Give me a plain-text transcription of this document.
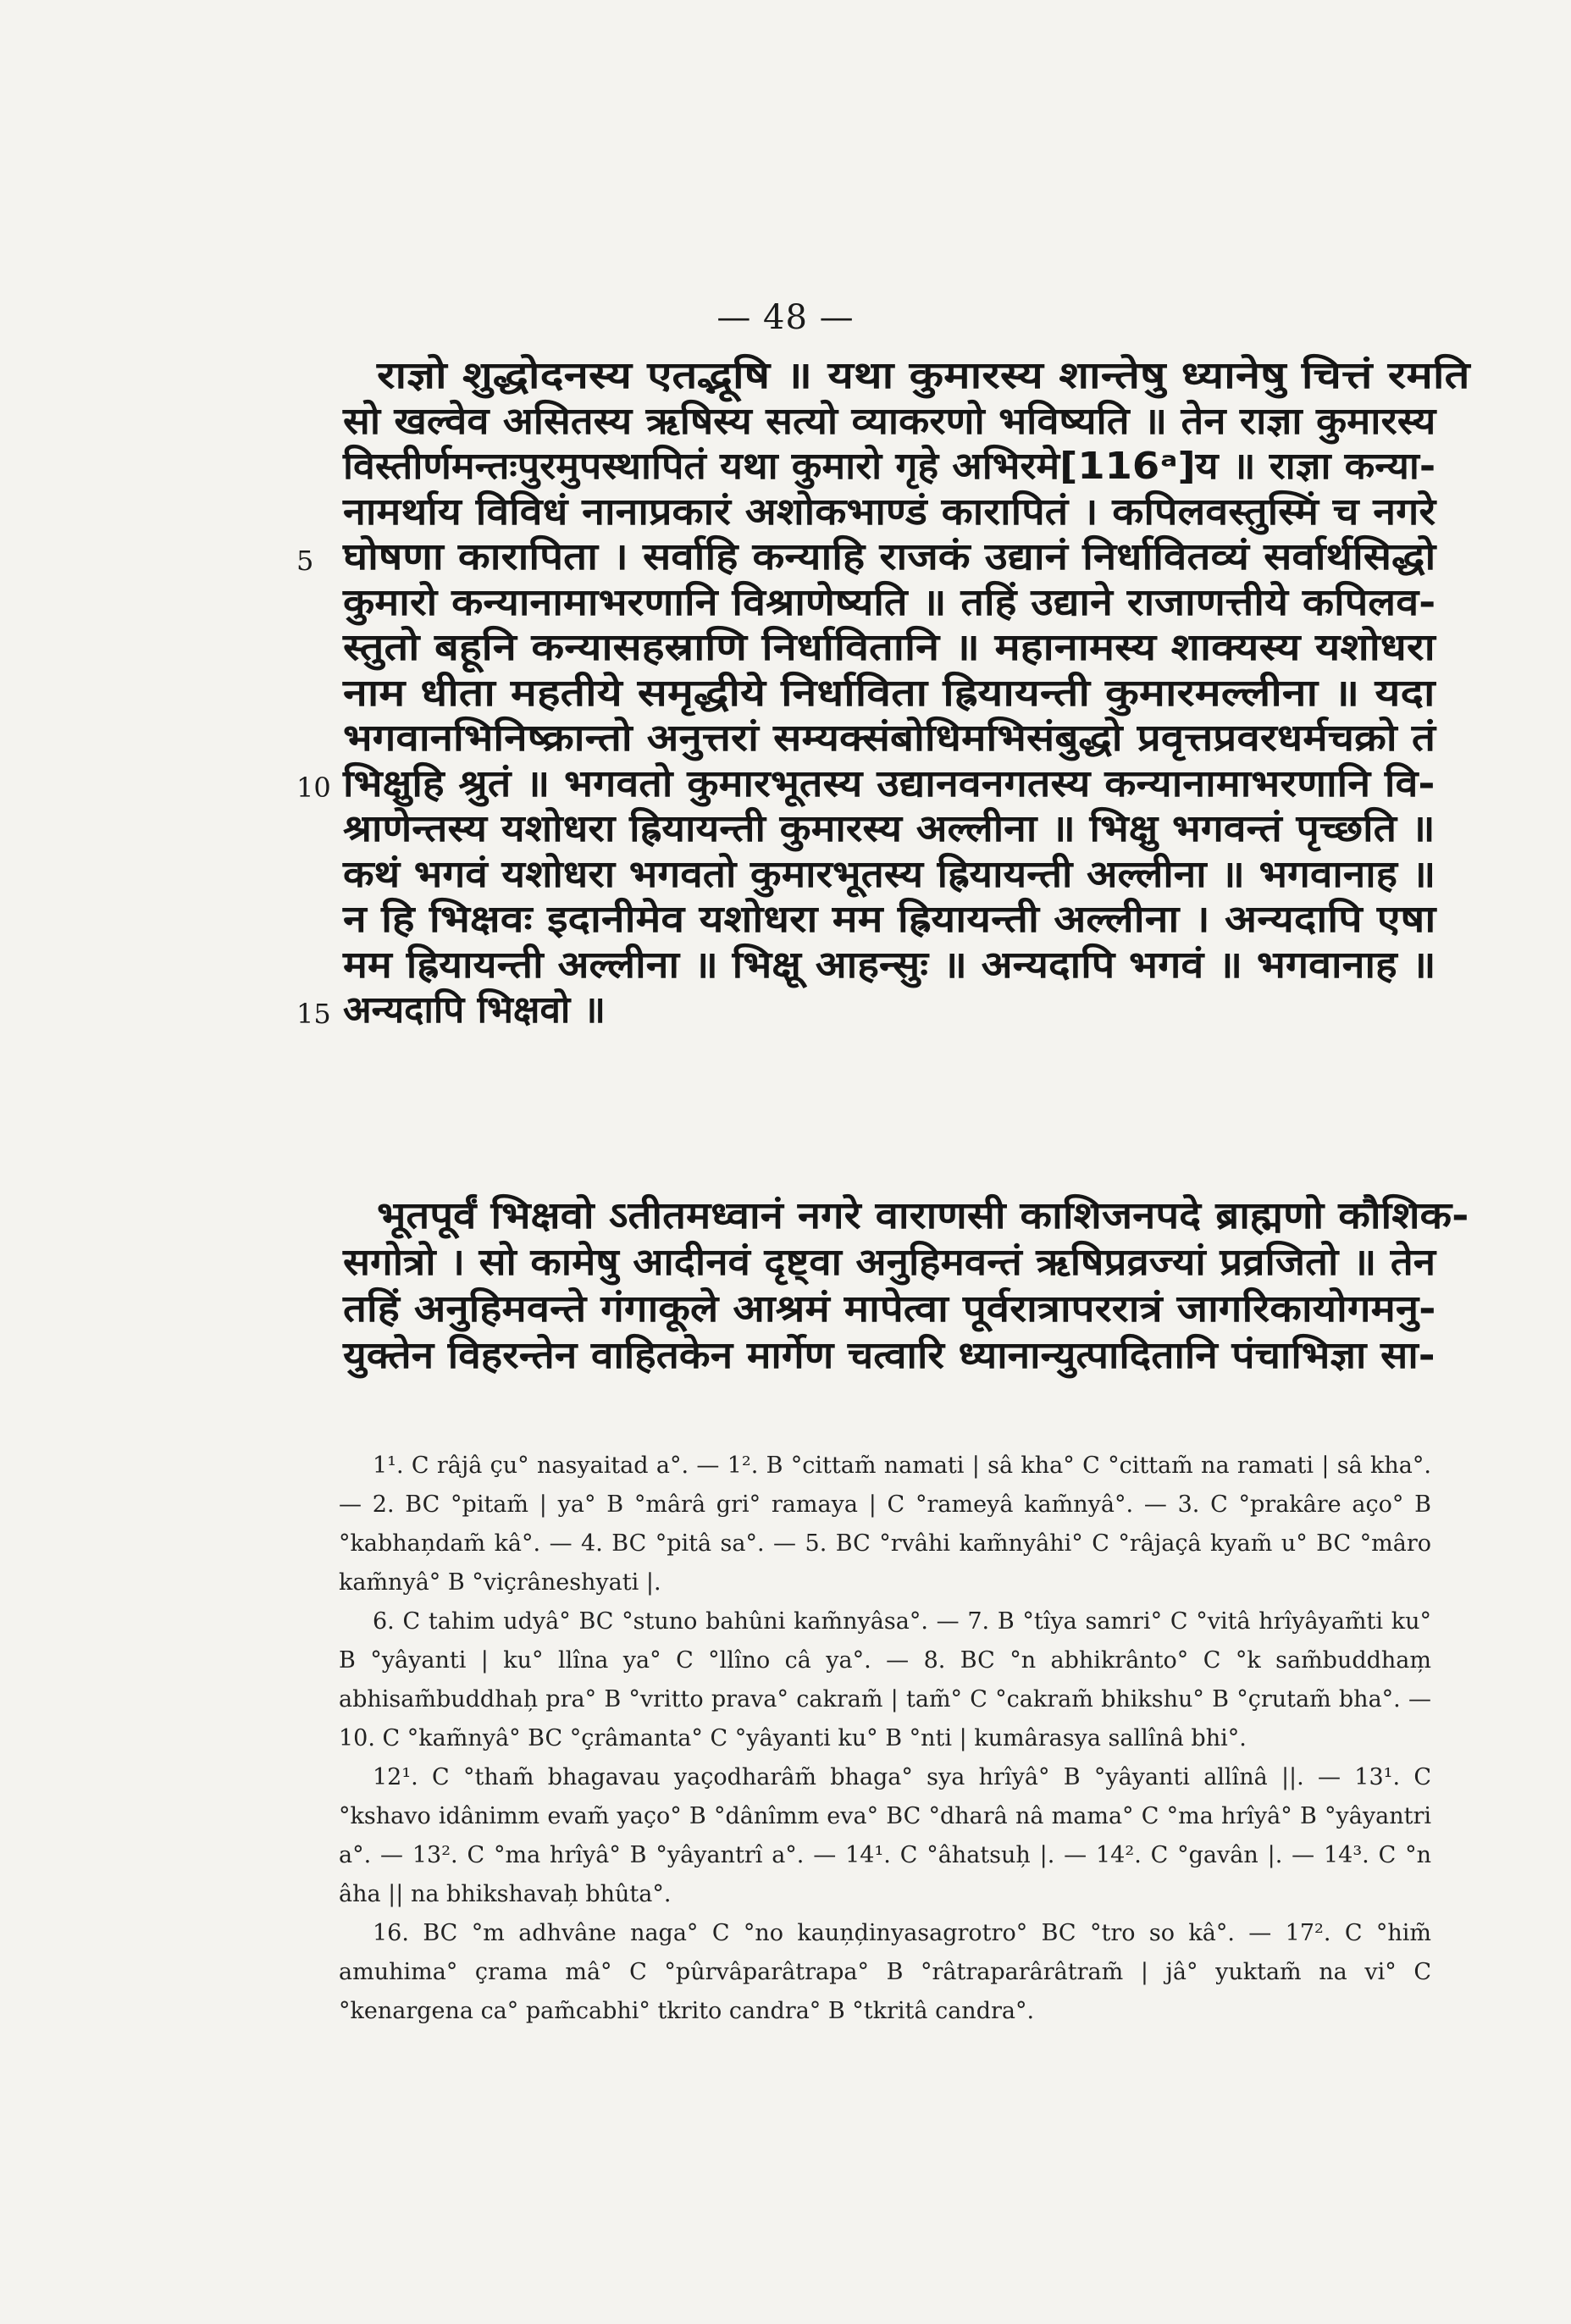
— 48 —
राज्ञो शुद्धोदनस्य एतद्भूषि ॥ यथा कुमारस्य शान्तेषु ध्यानेषु चित्तं रमति
सो खल्वेव असितस्य ऋषिस्य सत्यो व्याकरणो भविष्यति ॥ तेन राज्ञा कुमारस्य
विस्तीर्णमन्तःपुरमुपस्थापितं यथा कुमारो गृहे अभिरमे[116ᵃ]य ॥ राज्ञा कन्या-
नामर्थाय विविधं नानाप्रकारं अशोकभाण्डं कारापितं । कपिलवस्तुस्मिं च नगरे
घोषणा कारापिता । सर्वाहि कन्याहि राजकं उद्यानं निर्धावितव्यं सर्वार्थसिद्धो
कुमारो कन्यानामाभरणानि विश्राणेष्यति ॥ तहिं उद्याने राजाणत्तीये कपिलव-
स्तुतो बहूनि कन्यासहस्राणि निर्धावितानि ॥ महानामस्य शाक्यस्य यशोधरा
नाम धीता महतीये समृद्धीये निर्धाविता ह्रियायन्ती कुमारमल्लीना ॥ यदा
भगवानभिनिष्क्रान्तो अनुत्तरां सम्यक्संबोधिमभिसंबुद्धो प्रवृत्तप्रवरधर्मचक्रो तं
भिक्षुहि श्रुतं ॥ भगवतो कुमारभूतस्य उद्यानवनगतस्य कन्यानामाभरणानि वि-
श्राणेन्तस्य यशोधरा ह्रियायन्ती कुमारस्य अल्लीना ॥ भिक्षु भगवन्तं पृच्छति ॥
कथं भगवं यशोधरा भगवतो कुमारभूतस्य ह्रियायन्ती अल्लीना ॥ भगवानाह ॥
न हि भिक्षवः इदानीमेव यशोधरा मम ह्रियायन्ती अल्लीना । अन्यदापि एषा
मम ह्रियायन्ती अल्लीना ॥ भिक्षू आहन्सुः ॥ अन्यदापि भगवं ॥ भगवानाह ॥
अन्यदापि भिक्षवो ॥
5
10
15
भूतपूर्वं भिक्षवो ऽतीतमध्वानं नगरे वाराणसी काशिजनपदे ब्राह्मणो कौशिक-
सगोत्रो । सो कामेषु आदीनवं दृष्ट्वा अनुहिमवन्तं ऋषिप्रव्रज्यां प्रव्रजितो ॥ तेन
तहिं अनुहिमवन्ते गंगाकूले आश्रमं मापेत्वा पूर्वरात्रापररात्रं जागरिकायोगमनु-
युक्तेन विहरन्तेन वाहितकेन मार्गेण चत्वारि ध्यानान्युत्पादितानि पंचाभिज्ञा सा-

1¹. C râjâ çu° nasyaitad a°. — 1². B °cittam̃ namati | sâ kha° C °cittam̃ na ramati | sâ kha°. — 2. BC °pitam̃ | ya° B °mârâ gri° ramaya | C °rameyâ kam̃nyâ°. — 3. C °prakâre aço° B °kabhan̦dam̃ kâ°. — 4. BC °pitâ sa°. — 5. BC °rvâhi kam̃nyâhi° C °râjaçâ kyam̃ u° BC °mâro kam̃nyâ° B °viçrâneshyati |.

6. C tahim udyâ° BC °stuno bahûni kam̃nyâsa°. — 7. B °tîya samri° C °vitâ hrîyâyam̃ti ku° B °yâyanti | ku° llîna ya° C °llîno câ ya°. — 8. BC °n abhikrânto° C °k sam̃buddham̦ abhisam̃buddhah̦ pra° B °vritto prava° cakram̃ | tam̃° C °cakram̃ bhikshu° B °çrutam̃ bha°. — 10. C °kam̃nyâ° BC °çrâmanta° C °yâyanti ku° B °nti | kumârasya sallînâ bhi°.

12¹. C °tham̃ bhagavau yaçodharâm̃ bhaga° sya hrîyâ° B °yâyanti allînâ ||. — 13¹. C °kshavo idânimm evam̃ yaço° B °dânîmm eva° BC °dharâ nâ mama° C °ma hrîyâ° B °yâyantri a°. — 13². C °ma hrîyâ° B °yâyantrî a°. — 14¹. C °âhatsuh̦ |. — 14². C °gavân |. — 14³. C °n âha || na bhikshavah̦ bhûta°.

16. BC °m adhvâne naga° C °no kaun̦d̦inyasagrotro° BC °tro so kâ°. — 17². C °him̃ amuhima° çrama mâ° C °pûrvâparâtrapa° B °râtraparârâtram̃ | jâ° yuktam̃ na vi° C °kenargena ca° pam̃cabhi° tkrito candra° B °tkritâ candra°.
